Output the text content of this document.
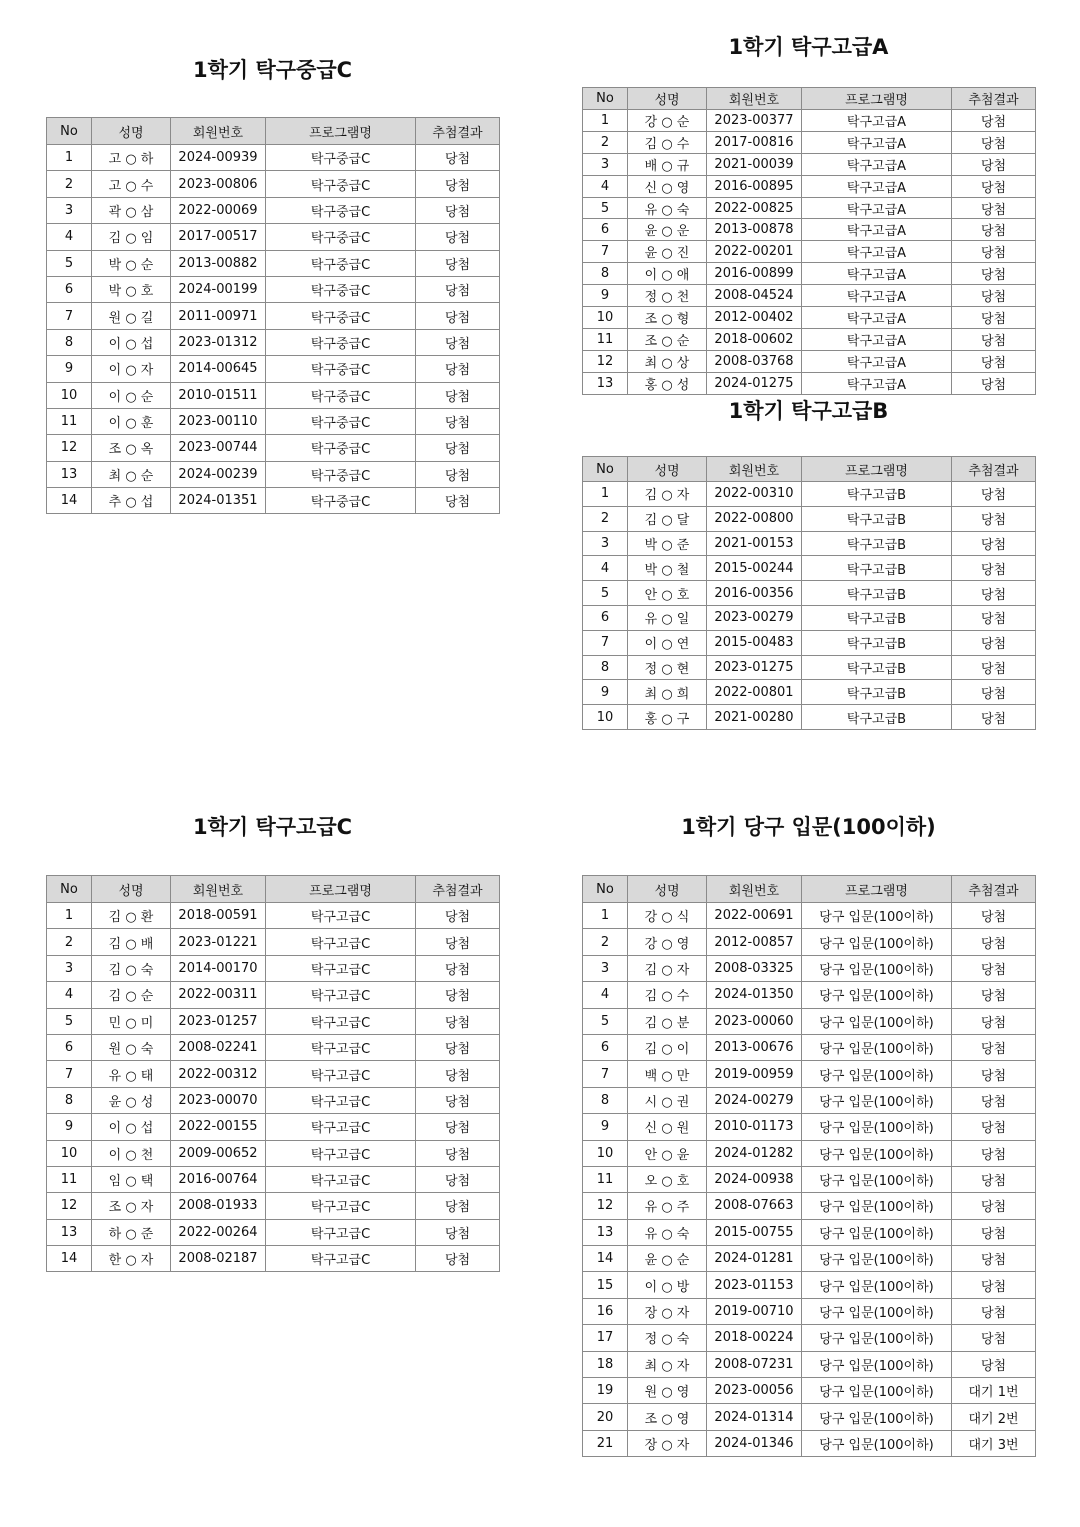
1학기 탁구중급C
No	성명	회원번호	프로그램명	추첨결과
1	고 ○ 하	2024-00939	탁구중급C	당첨
2	고 ○ 수	2023-00806	탁구중급C	당첨
3	곽 ○ 삼	2022-00069	탁구중급C	당첨
4	김 ○ 임	2017-00517	탁구중급C	당첨
5	박 ○ 순	2013-00882	탁구중급C	당첨
6	박 ○ 호	2024-00199	탁구중급C	당첨
7	원 ○ 길	2011-00971	탁구중급C	당첨
8	이 ○ 섭	2023-01312	탁구중급C	당첨
9	이 ○ 자	2014-00645	탁구중급C	당첨
10	이 ○ 순	2010-01511	탁구중급C	당첨
11	이 ○ 훈	2023-00110	탁구중급C	당첨
12	조 ○ 옥	2023-00744	탁구중급C	당첨
13	최 ○ 순	2024-00239	탁구중급C	당첨
14	추 ○ 섭	2024-01351	탁구중급C	당첨
1학기 탁구고급A
No	성명	회원번호	프로그램명	추첨결과
1	강 ○ 순	2023-00377	탁구고급A	당첨
2	김 ○ 수	2017-00816	탁구고급A	당첨
3	배 ○ 규	2021-00039	탁구고급A	당첨
4	신 ○ 영	2016-00895	탁구고급A	당첨
5	유 ○ 숙	2022-00825	탁구고급A	당첨
6	윤 ○ 운	2013-00878	탁구고급A	당첨
7	윤 ○ 진	2022-00201	탁구고급A	당첨
8	이 ○ 애	2016-00899	탁구고급A	당첨
9	정 ○ 천	2008-04524	탁구고급A	당첨
10	조 ○ 형	2012-00402	탁구고급A	당첨
11	조 ○ 순	2018-00602	탁구고급A	당첨
12	최 ○ 상	2008-03768	탁구고급A	당첨
13	홍 ○ 성	2024-01275	탁구고급A	당첨
1학기 탁구고급B
No	성명	회원번호	프로그램명	추첨결과
1	김 ○ 자	2022-00310	탁구고급B	당첨
2	김 ○ 달	2022-00800	탁구고급B	당첨
3	박 ○ 준	2021-00153	탁구고급B	당첨
4	박 ○ 철	2015-00244	탁구고급B	당첨
5	안 ○ 호	2016-00356	탁구고급B	당첨
6	유 ○ 일	2023-00279	탁구고급B	당첨
7	이 ○ 연	2015-00483	탁구고급B	당첨
8	정 ○ 현	2023-01275	탁구고급B	당첨
9	최 ○ 희	2022-00801	탁구고급B	당첨
10	홍 ○ 구	2021-00280	탁구고급B	당첨
1학기 탁구고급C
No	성명	회원번호	프로그램명	추첨결과
1	김 ○ 환	2018-00591	탁구고급C	당첨
2	김 ○ 배	2023-01221	탁구고급C	당첨
3	김 ○ 숙	2014-00170	탁구고급C	당첨
4	김 ○ 순	2022-00311	탁구고급C	당첨
5	민 ○ 미	2023-01257	탁구고급C	당첨
6	원 ○ 숙	2008-02241	탁구고급C	당첨
7	유 ○ 태	2022-00312	탁구고급C	당첨
8	윤 ○ 성	2023-00070	탁구고급C	당첨
9	이 ○ 섭	2022-00155	탁구고급C	당첨
10	이 ○ 천	2009-00652	탁구고급C	당첨
11	임 ○ 택	2016-00764	탁구고급C	당첨
12	조 ○ 자	2008-01933	탁구고급C	당첨
13	하 ○ 준	2022-00264	탁구고급C	당첨
14	한 ○ 자	2008-02187	탁구고급C	당첨
1학기 당구 입문(100이하)
No	성명	회원번호	프로그램명	추첨결과
1	강 ○ 식	2022-00691	당구 입문(100이하)	당첨
2	강 ○ 영	2012-00857	당구 입문(100이하)	당첨
3	김 ○ 자	2008-03325	당구 입문(100이하)	당첨
4	김 ○ 수	2024-01350	당구 입문(100이하)	당첨
5	김 ○ 분	2023-00060	당구 입문(100이하)	당첨
6	김 ○ 이	2013-00676	당구 입문(100이하)	당첨
7	백 ○ 만	2019-00959	당구 입문(100이하)	당첨
8	시 ○ 권	2024-00279	당구 입문(100이하)	당첨
9	신 ○ 원	2010-01173	당구 입문(100이하)	당첨
10	안 ○ 윤	2024-01282	당구 입문(100이하)	당첨
11	오 ○ 호	2024-00938	당구 입문(100이하)	당첨
12	유 ○ 주	2008-07663	당구 입문(100이하)	당첨
13	유 ○ 숙	2015-00755	당구 입문(100이하)	당첨
14	윤 ○ 순	2024-01281	당구 입문(100이하)	당첨
15	이 ○ 방	2023-01153	당구 입문(100이하)	당첨
16	장 ○ 자	2019-00710	당구 입문(100이하)	당첨
17	정 ○ 숙	2018-00224	당구 입문(100이하)	당첨
18	최 ○ 자	2008-07231	당구 입문(100이하)	당첨
19	원 ○ 영	2023-00056	당구 입문(100이하)	대기 1번
20	조 ○ 영	2024-01314	당구 입문(100이하)	대기 2번
21	장 ○ 자	2024-01346	당구 입문(100이하)	대기 3번
